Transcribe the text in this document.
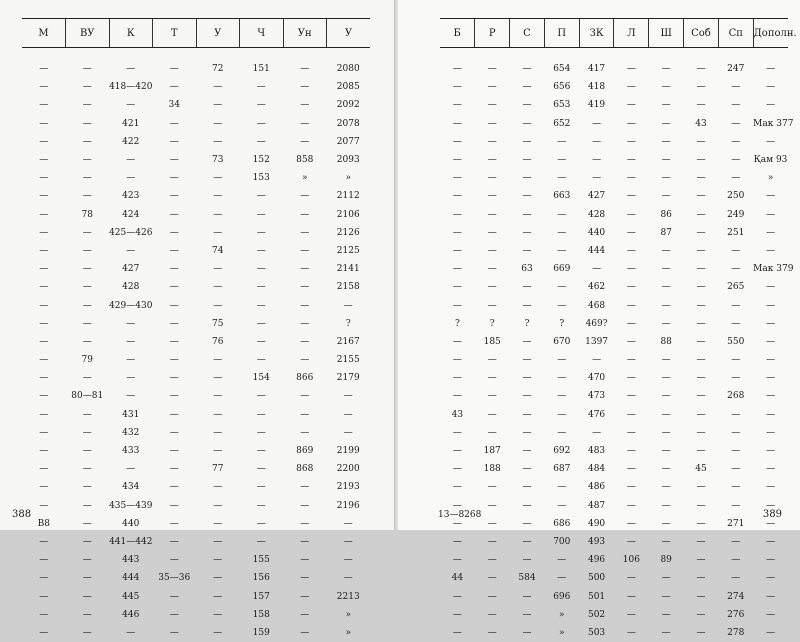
М	ВУ	К	Т	У	Ч	Ун	У

—	—	—	—	72	151	—	2080
—	—	418—420	—	—	—	—	2085
—	—	—	34	—	—	—	2092
—	—	421	—	—	—	—	2078
—	—	422	—	—	—	—	2077
—	—	—	—	73	152	858	2093
—	—	—	—	—	153	»	»
—	—	423	—	—	—	—	2112
—	78	424	—	—	—	—	2106
—	—	425—426	—	—	—	—	2126
—	—	—	—	74	—	—	2125
—	—	427	—	—	—	—	2141
—	—	428	—	—	—	—	2158
—	—	429—430	—	—	—	—	—
—	—	—	—	75	—	—	?
—	—	—	—	76	—	—	2167
—	79	—	—	—	—	—	2155
—	—	—	—	—	154	866	2179
—	80—81	—	—	—	—	—	—
—	—	431	—	—	—	—	—
—	—	432	—	—	—	—	—
—	—	433	—	—	—	869	2199
—	—	—	—	77	—	868	2200
—	—	434	—	—	—	—	2193
—	—	435—439	—	—	—	—	2196
В8	—	440	—	—	—	—	—
—	—	441—442	—	—	—	—	—
—	—	443	—	—	155	—	—
—	—	444	35—36	—	156	—	—
—	—	445	—	—	157	—	2213
—	—	446	—	—	158	—	»
—	—	—	—	—	159	—	»
388
Б	Р	С	П	ЗК	Л	Ш	Соб	Сп	Дополн.

—	—	—	654	417	—	—	—	247	—
—	—	—	656	418	—	—	—	—	—
—	—	—	653	419	—	—	—	—	—
—	—	—	652	—	—	—	43	—	Мак 377
—	—	—	—	—	—	—	—	—	—
—	—	—	—	—	—	—	—	—	Қам 93
—	—	—	—	—	—	—	—	—	»
—	—	—	663	427	—	—	—	250	—
—	—	—	—	428	—	86	—	249	—
—	—	—	—	440	—	87	—	251	—
—	—	—	—	444	—	—	—	—	—
—	—	63	669	—	—	—	—	—	Мак 379
—	—	—	—	462	—	—	—	265	—
—	—	—	—	468	—	—	—	—	—
?	?	?	?	469?	—	—	—	—	—
—	185	—	670	1397	—	88	—	550	—
—	—	—	—	—	—	—	—	—	—
—	—	—	—	470	—	—	—	—	—
—	—	—	—	473	—	—	—	268	—
43	—	—	—	476	—	—	—	—	—
—	—	—	—	—	—	—	—	—	—
—	187	—	692	483	—	—	—	—	—
—	188	—	687	484	—	—	45	—	—
—	—	—	—	486	—	—	—	—	—
—	—	—	—	487	—	—	—	—	—
—	—	—	686	490	—	—	—	271	—
—	—	—	700	493	—	—	—	—	—
—	—	—	—	496	106	89	—	—	—
44	—	584	—	500	—	—	—	—	—
—	—	—	696	501	—	—	—	274	—
—	—	—	»	502	—	—	—	276	—
—	—	—	»	503	—	—	—	278	—
13—8268	389
